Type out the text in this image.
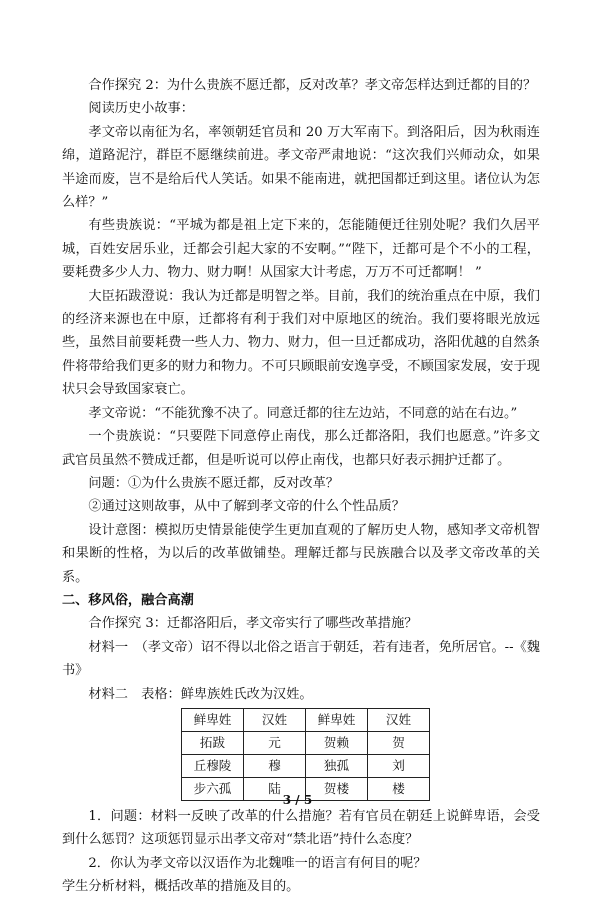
合作探究 2：为什么贵族不愿迁都，反对改革？孝文帝怎样达到迁都的目的？

阅读历史小故事：

孝文帝以南征为名，率领朝廷官员和 20 万大军南下。到洛阳后，因为秋雨连绵，道路泥泞，群臣不愿继续前进。孝文帝严肃地说：“这次我们兴师动众，如果半途而废，岂不是给后代人笑话。如果不能南进，就把国都迁到这里。诸位认为怎么样？”

有些贵族说：“平城为都是祖上定下来的，怎能随便迁往别处呢？我们久居平城，百姓安居乐业，迁都会引起大家的不安啊。”“陛下，迁都可是个不小的工程，要耗费多少人力、物力、财力啊！从国家大计考虑，万万不可迁都啊！ ”

大臣拓跋澄说：我认为迁都是明智之举。目前，我们的统治重点在中原，我们的经济来源也在中原，迁都将有利于我们对中原地区的统治。我们要将眼光放远些，虽然目前要耗费一些人力、物力、财力，但一旦迁都成功，洛阳优越的自然条件将带给我们更多的财力和物力。不可只顾眼前安逸享受，不顾国家发展，安于现状只会导致国家衰亡。

孝文帝说：“不能犹豫不决了。同意迁都的往左边站，不同意的站在右边。”

一个贵族说：“只要陛下同意停止南伐，那么迁都洛阳，我们也愿意。”许多文武官员虽然不赞成迁都，但是听说可以停止南伐，也都只好表示拥护迁都了。

问题：①为什么贵族不愿迁都，反对改革？

②通过这则故事，从中了解到孝文帝的什么个性品质？

设计意图：模拟历史情景能使学生更加直观的了解历史人物，感知孝文帝机智和果断的性格，为以后的改革做铺垫。理解迁都与民族融合以及孝文帝改革的关系。

二、移风俗，融合高潮

合作探究 3：迁都洛阳后，孝文帝实行了哪些改革措施？

材料一　（孝文帝）诏不得以北俗之语言于朝廷，若有违者，免所居官。--《魏书》

材料二　表格：鲜卑族姓氏改为汉姓。

鲜卑姓	汉姓	鲜卑姓	汉姓
拓跋	元	贺赖	贺
丘穆陵	穆	独孤	刘
步六孤	陆	贺楼	楼

1．问题：材料一反映了改革的什么措施？若有官员在朝廷上说鲜卑语，会受到什么惩罚？这项惩罚显示出孝文帝对“禁北语”持什么态度？

2．你认为孝文帝以汉语作为北魏唯一的语言有何目的呢？

学生分析材料，概括改革的措施及目的。

3 / 5
